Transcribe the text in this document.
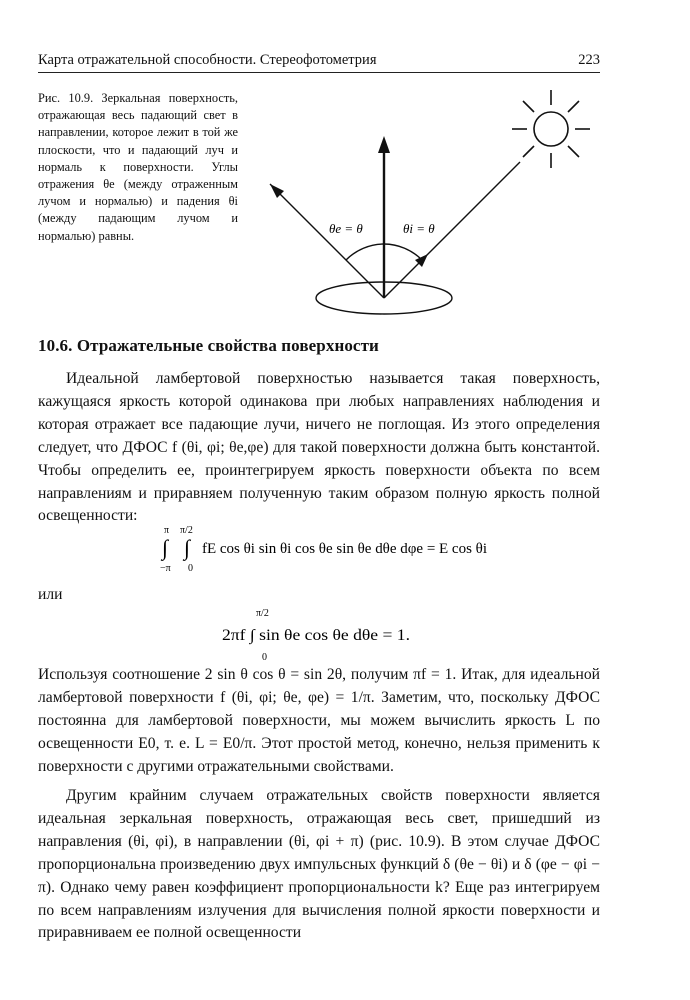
Карта отражательной способности. Стереофотометрия	223
Рис. 10.9. Зеркальная поверхность, отражающая весь падающий свет в направлении, которое лежит в той же плоскости, что и падающий луч и нормаль к поверхности. Углы отражения θe (между отраженным лучом и нормалью) и падения θi (между падающим лучом и нормалью) равны.	θe = θ	θi = θ
10.6. Отражательные свойства поверхности

Идеальной ламбертовой поверхностью называется такая поверхность, кажущаяся яркость которой одинакова при любых направлениях наблюдения и которая отражает все падающие лучи, ничего не поглощая. Из этого определения следует, что ДФОС f (θi, φi; θe,φe) для такой поверхности должна быть константой. Чтобы определить ее, проинтегрируем яркость поверхности объекта по всем направлениям и приравняем полученную таким образом полную яркость полной освещенности:

π
∫
−π
π/2
∫
0
fE cos θi sin θi cos θe sin θe dθe dφe = E cos θi
или
π/2
0
2πf ∫ sin θe cos θe dθe = 1.

Используя соотношение 2 sin θ cos θ = sin 2θ, получим πf = 1. Итак, для идеальной ламбертовой поверхности f (θi, φi; θe, φe) = 1/π. Заметим, что, поскольку ДФОС постоянна для ламбертовой поверхности, мы можем вычислить яркость L по освещенности E0, т. е. L = E0/π. Этот простой метод, конечно, нельзя применить к поверхности с другими отражательными свойствами.

Другим крайним случаем отражательных свойств поверхности является идеальная зеркальная поверхность, отражающая весь свет, пришедший из направления (θi, φi), в направлении (θi, φi + π) (рис. 10.9). В этом случае ДФОС пропорциональна произведению двух импульсных функций δ (θe − θi) и δ (φe − φi − π). Однако чему равен коэффициент пропорциональности k? Еще раз интегрируем по всем направлениям излучения для вычисления полной яркости поверхности и приравниваем ее полной освещенности
